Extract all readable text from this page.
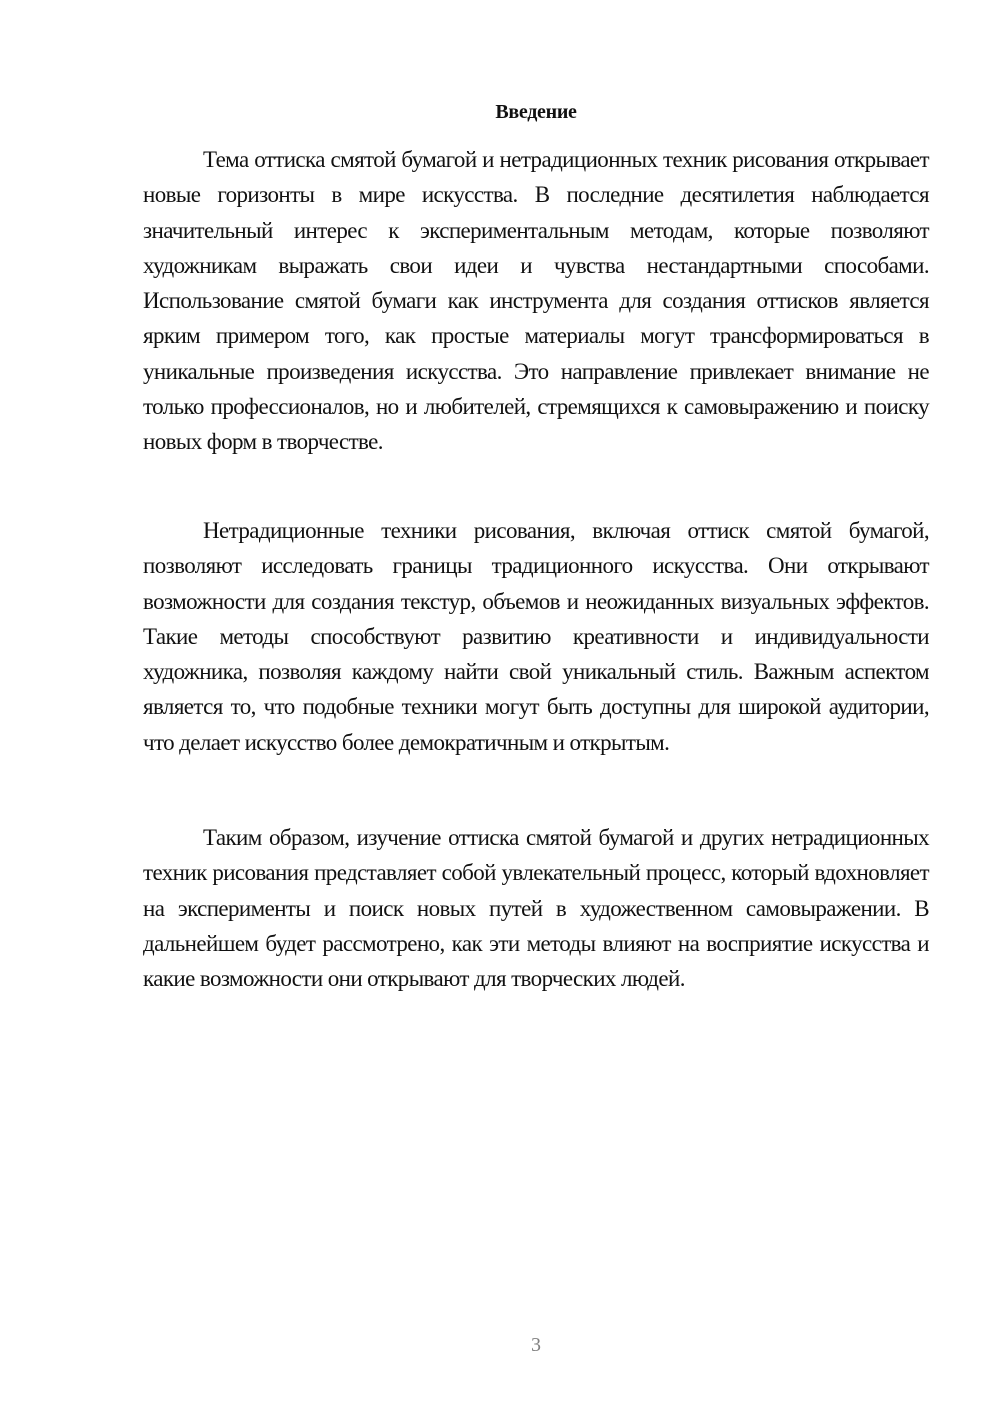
Введение

Тема оттиска смятой бумагой и нетрадиционных техник рисования открывает новые горизонты в мире искусства. В последние десятилетия наблюдается значительный интерес к экспериментальным методам, которые позволяют художникам выражать свои идеи и чувства нестандартными способами. Использование смятой бумаги как инструмента для создания оттисков является ярким примером того, как простые материалы могут трансформироваться в уникальные произведения искусства. Это направление привлекает внимание не только профессионалов, но и любителей, стремящихся к самовыражению и поиску новых форм в творчестве.

Нетрадиционные техники рисования, включая оттиск смятой бумагой, позволяют исследовать границы традиционного искусства. Они открывают возможности для создания текстур, объемов и неожиданных визуальных эффектов. Такие методы способствуют развитию креативности и индивидуальности художника, позволяя каждому найти свой уникальный стиль. Важным аспектом является то, что подобные техники могут быть доступны для широкой аудитории, что делает искусство более демократичным и открытым.

Таким образом, изучение оттиска смятой бумагой и других нетрадиционных техник рисования представляет собой увлекательный процесс, который вдохновляет на эксперименты и поиск новых путей в художественном самовыражении. В дальнейшем будет рассмотрено, как эти методы влияют на восприятие искусства и какие возможности они открывают для творческих людей.

3
